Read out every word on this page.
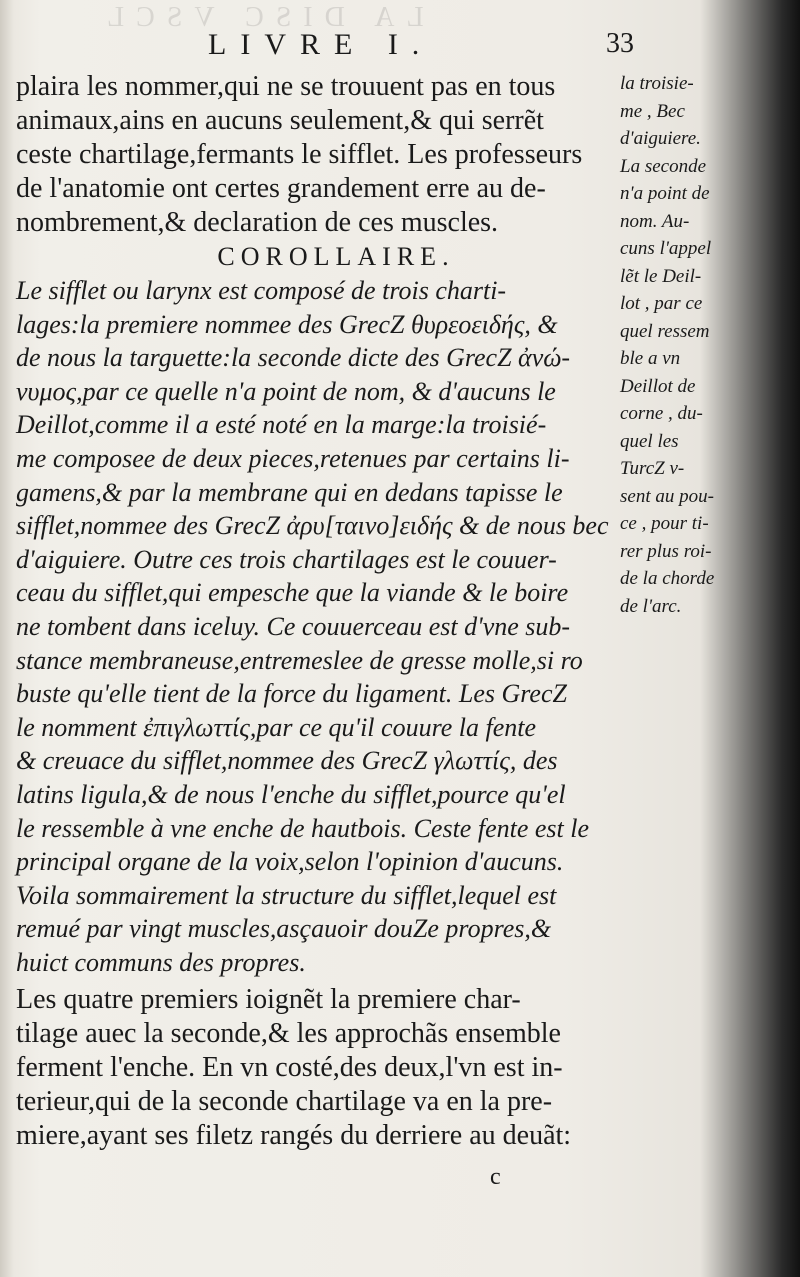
LA DISC VSCL
LIVRE I.	33
plaira les nommer,qui ne se trouuent pas en tous
animaux,ains en aucuns seulement,& qui serrẽt
ceste chartilage,fermants le sifflet. Les professeurs
de l'anatomie ont certes grandement erre au de-
nombrement,& declaration de ces muscles.
COROLLAIRE.
Le sifflet ou larynx est composé de trois charti-
lages:la premiere nommee des GrecZ θυρεοειδής, &
de nous la targuette:la seconde dicte des GrecZ ἀνώ-
νυμος,par ce quelle n'a point de nom, & d'aucuns le
Deillot,comme il a esté noté en la marge:la troisié-
me composee de deux pieces,retenues par certains li-
gamens,& par la membrane qui en dedans tapisse le
sifflet,nommee des GrecZ ἀρυ[ταινο]ειδής & de nous bec
d'aiguiere. Outre ces trois chartilages est le couuer-
ceau du sifflet,qui empesche que la viande & le boire
ne tombent dans iceluy. Ce couuerceau est d'vne sub-
stance membraneuse,entremeslee de gresse molle,si ro
buste qu'elle tient de la force du ligament. Les GrecZ
le nomment ἐπιγλωττίς,par ce qu'il couure la fente
& creuace du sifflet,nommee des GrecZ γλωττίς, des
latins ligula,& de nous l'enche du sifflet,pource qu'el
le ressemble à vne enche de hautbois. Ceste fente est le
principal organe de la voix,selon l'opinion d'aucuns.
Voila sommairement la structure du sifflet,lequel est
remué par vingt muscles,asçauoir douZe propres,&
huict communs des propres.
Les quatre premiers ioignẽt la premiere char-
tilage auec la seconde,& les approchãs ensemble
ferment l'enche. En vn costé,des deux,l'vn est in-
terieur,qui de la seconde chartilage va en la pre-
miere,ayant ses filetz rangés du derriere au deuãt:
la troisie-
me , Bec
d'aiguiere.
La seconde
n'a point de
nom. Au-
cuns l'appel
lẽt le Deil-
lot , par ce
quel ressem
ble a vn
Deillot de
corne , du-
quel les
TurcZ v-
sent au pou-
ce , pour ti-
rer plus roi-
de la chorde
de l'arc.
c
